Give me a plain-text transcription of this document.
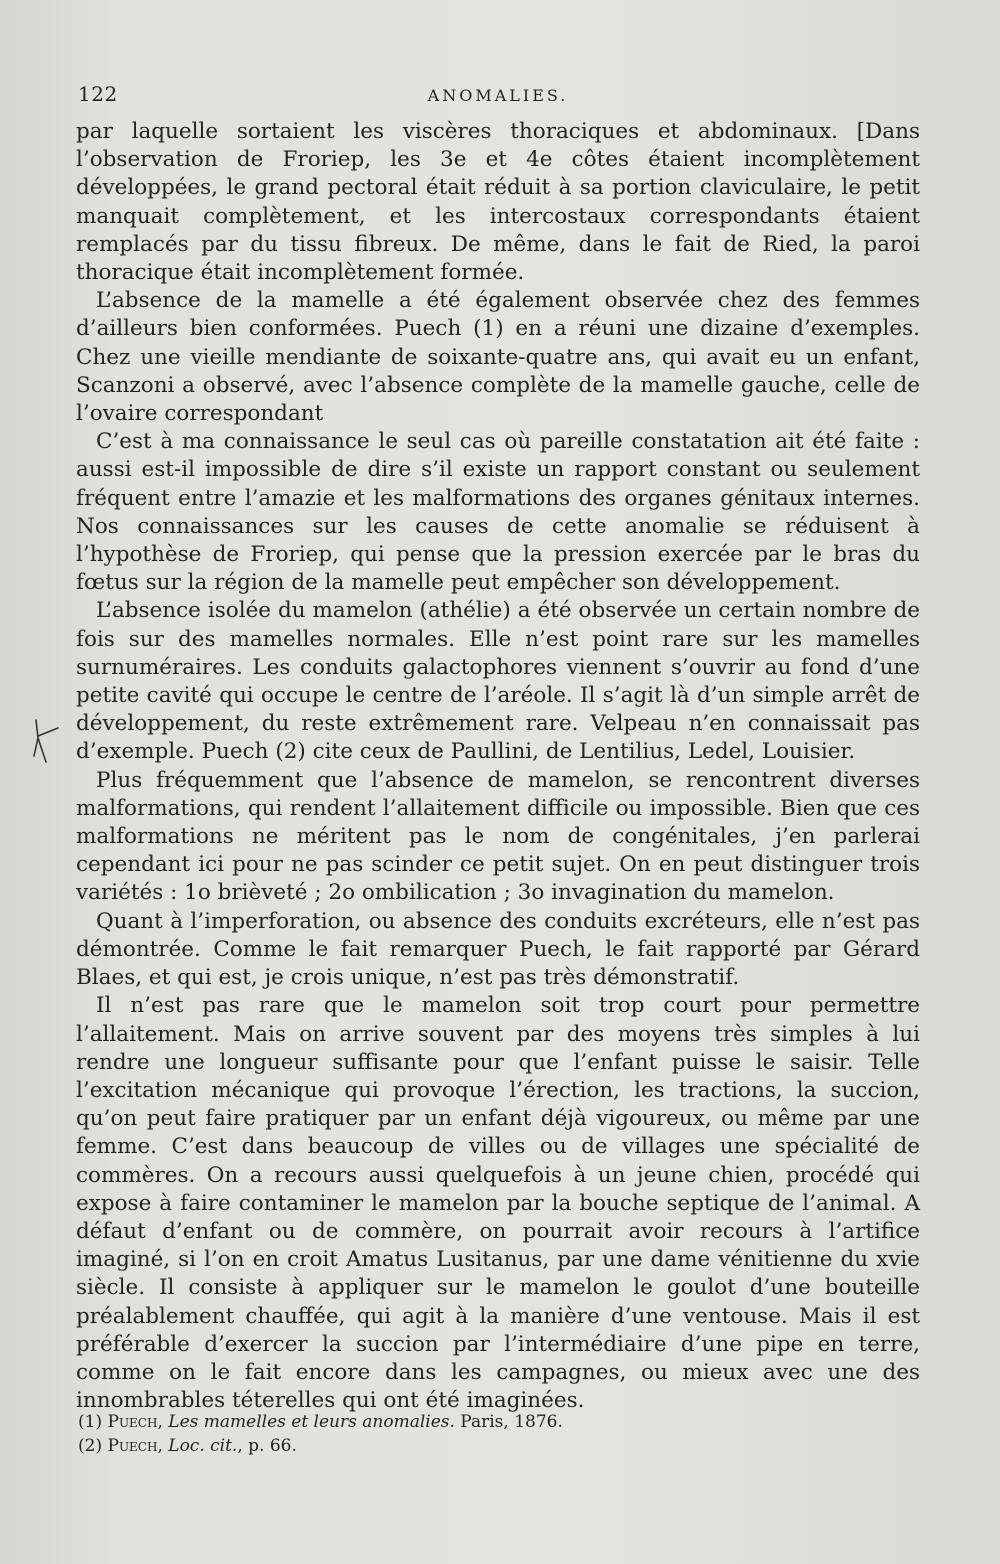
122	ANOMALIES.

par laquelle sortaient les viscères thoraciques et abdominaux. [Dans l’observation de Froriep, les 3e et 4e côtes étaient incomplètement développées, le grand pectoral était réduit à sa portion claviculaire, le petit manquait complètement, et les intercostaux correspondants étaient remplacés par du tissu fibreux. De même, dans le fait de Ried, la paroi thoracique était incomplètement formée.

L’absence de la mamelle a été également observée chez des femmes d’ailleurs bien conformées. Puech (1) en a réuni une dizaine d’exemples. Chez une vieille mendiante de soixante-quatre ans, qui avait eu un enfant, Scanzoni a observé, avec l’absence complète de la mamelle gauche, celle de l’ovaire correspondant

C’est à ma connaissance le seul cas où pareille constatation ait été faite : aussi est-il impossible de dire s’il existe un rapport constant ou seulement fréquent entre l’amazie et les malformations des organes génitaux internes. Nos connaissances sur les causes de cette anomalie se réduisent à l’hypothèse de Froriep, qui pense que la pression exercée par le bras du fœtus sur la région de la mamelle peut empêcher son développement.

L’absence isolée du mamelon (athélie) a été observée un certain nombre de fois sur des mamelles normales. Elle n’est point rare sur les mamelles surnuméraires. Les conduits galactophores viennent s’ouvrir au fond d’une petite cavité qui occupe le centre de l’aréole. Il s’agit là d’un simple arrêt de développement, du reste extrêmement rare. Velpeau n’en connaissait pas d’exemple. Puech (2) cite ceux de Paullini, de Lentilius, Ledel, Louisier.

Plus fréquemment que l’absence de mamelon, se rencontrent diverses malformations, qui rendent l’allaitement difficile ou impossible. Bien que ces malformations ne méritent pas le nom de congénitales, j’en parlerai cependant ici pour ne pas scinder ce petit sujet. On en peut distinguer trois variétés : 1o brièveté ; 2o ombilication ; 3o invagination du mamelon.

Quant à l’imperforation, ou absence des conduits excréteurs, elle n’est pas démontrée. Comme le fait remarquer Puech, le fait rapporté par Gérard Blaes, et qui est, je crois unique, n’est pas très démonstratif.

Il n’est pas rare que le mamelon soit trop court pour permettre l’allaitement. Mais on arrive souvent par des moyens très simples à lui rendre une longueur suffisante pour que l’enfant puisse le saisir. Telle l’excitation mécanique qui provoque l’érection, les tractions, la succion, qu’on peut faire pratiquer par un enfant déjà vigoureux, ou même par une femme. C’est dans beaucoup de villes ou de villages une spécialité de commères. On a recours aussi quelquefois à un jeune chien, procédé qui expose à faire contaminer le mamelon par la bouche septique de l’animal. A défaut d’enfant ou de commère, on pourrait avoir recours à l’artifice imaginé, si l’on en croit Amatus Lusitanus, par une dame vénitienne du xvie siècle. Il consiste à appliquer sur le mamelon le goulot d’une bouteille préalablement chauffée, qui agit à la manière d’une ventouse. Mais il est préférable d’exercer la succion par l’intermédiaire d’une pipe en terre, comme on le fait encore dans les campagnes, ou mieux avec une des innombrables téterelles qui ont été imaginées.

(1) Puech, Les mamelles et leurs anomalies. Paris, 1876.

(2) Puech, Loc. cit., p. 66.
